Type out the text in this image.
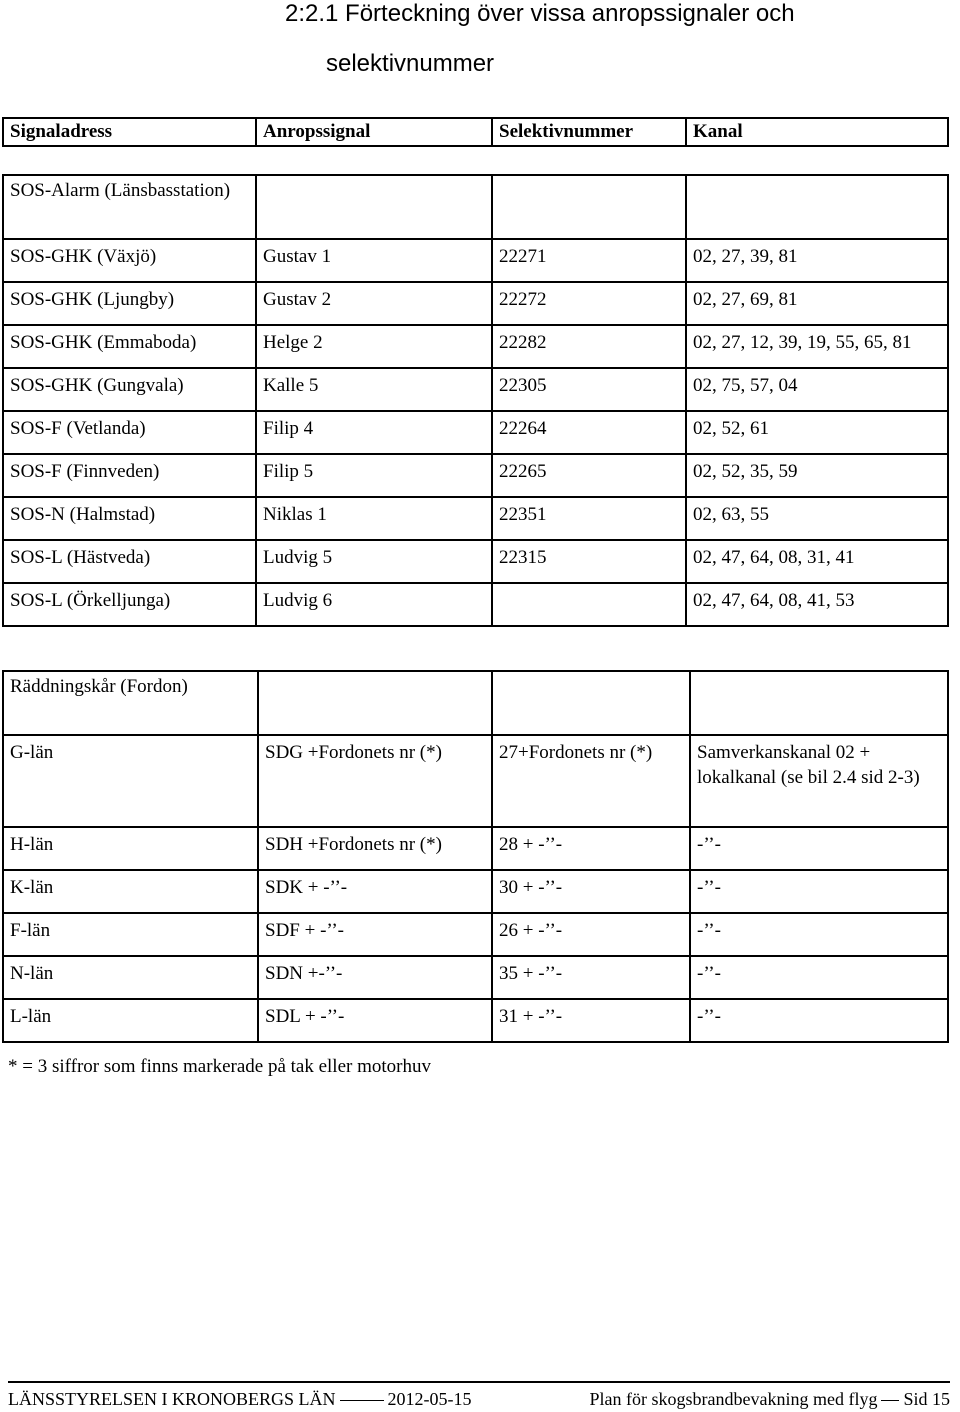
2:2.1 Förteckning över vissa anropssignaler och
selektivnummer
Signaladress	Anropssignal	Selektivnummer	Kanal
SOS-Alarm (Länsbasstation)			
SOS-GHK (Växjö)	Gustav 1	22271	02, 27, 39, 81
SOS-GHK (Ljungby)	Gustav 2	22272	02, 27, 69, 81
SOS-GHK (Emmaboda)	Helge 2	22282	02, 27, 12, 39, 19, 55, 65, 81
SOS-GHK (Gungvala)	Kalle 5	22305	02, 75, 57, 04
SOS-F (Vetlanda)	Filip 4	22264	02, 52, 61
SOS-F (Finnveden)	Filip 5	22265	02, 52, 35, 59
SOS-N (Halmstad)	Niklas 1	22351	02, 63, 55
SOS-L (Hästveda)	Ludvig 5	22315	02, 47, 64, 08, 31, 41
SOS-L (Örkelljunga)	Ludvig 6		02, 47, 64, 08, 41, 53
Räddningskår (Fordon)			
G-län	SDG +Fordonets nr (*)	27+Fordonets nr (*)	Samverkanskanal 02 + lokalkanal (se bil 2.4 sid 2-3)
H-län	SDH +Fordonets nr (*)	28 + -’’-	-’’-
K-län	SDK + -’’-	30 + -’’-	-’’-
F-län	SDF + -’’-	26 + -’’-	-’’-
N-län	SDN +-’’-	35 + -’’-	-’’-
L-län	SDL + -’’-	31 + -’’-	-’’-

* = 3 siffror som finns markerade på tak eller motorhuv

LÄNSSTYRELSEN I KRONOBERGS LÄN	2012-05-15	Plan för skogsbrandbevakning med flyg Sid 15
